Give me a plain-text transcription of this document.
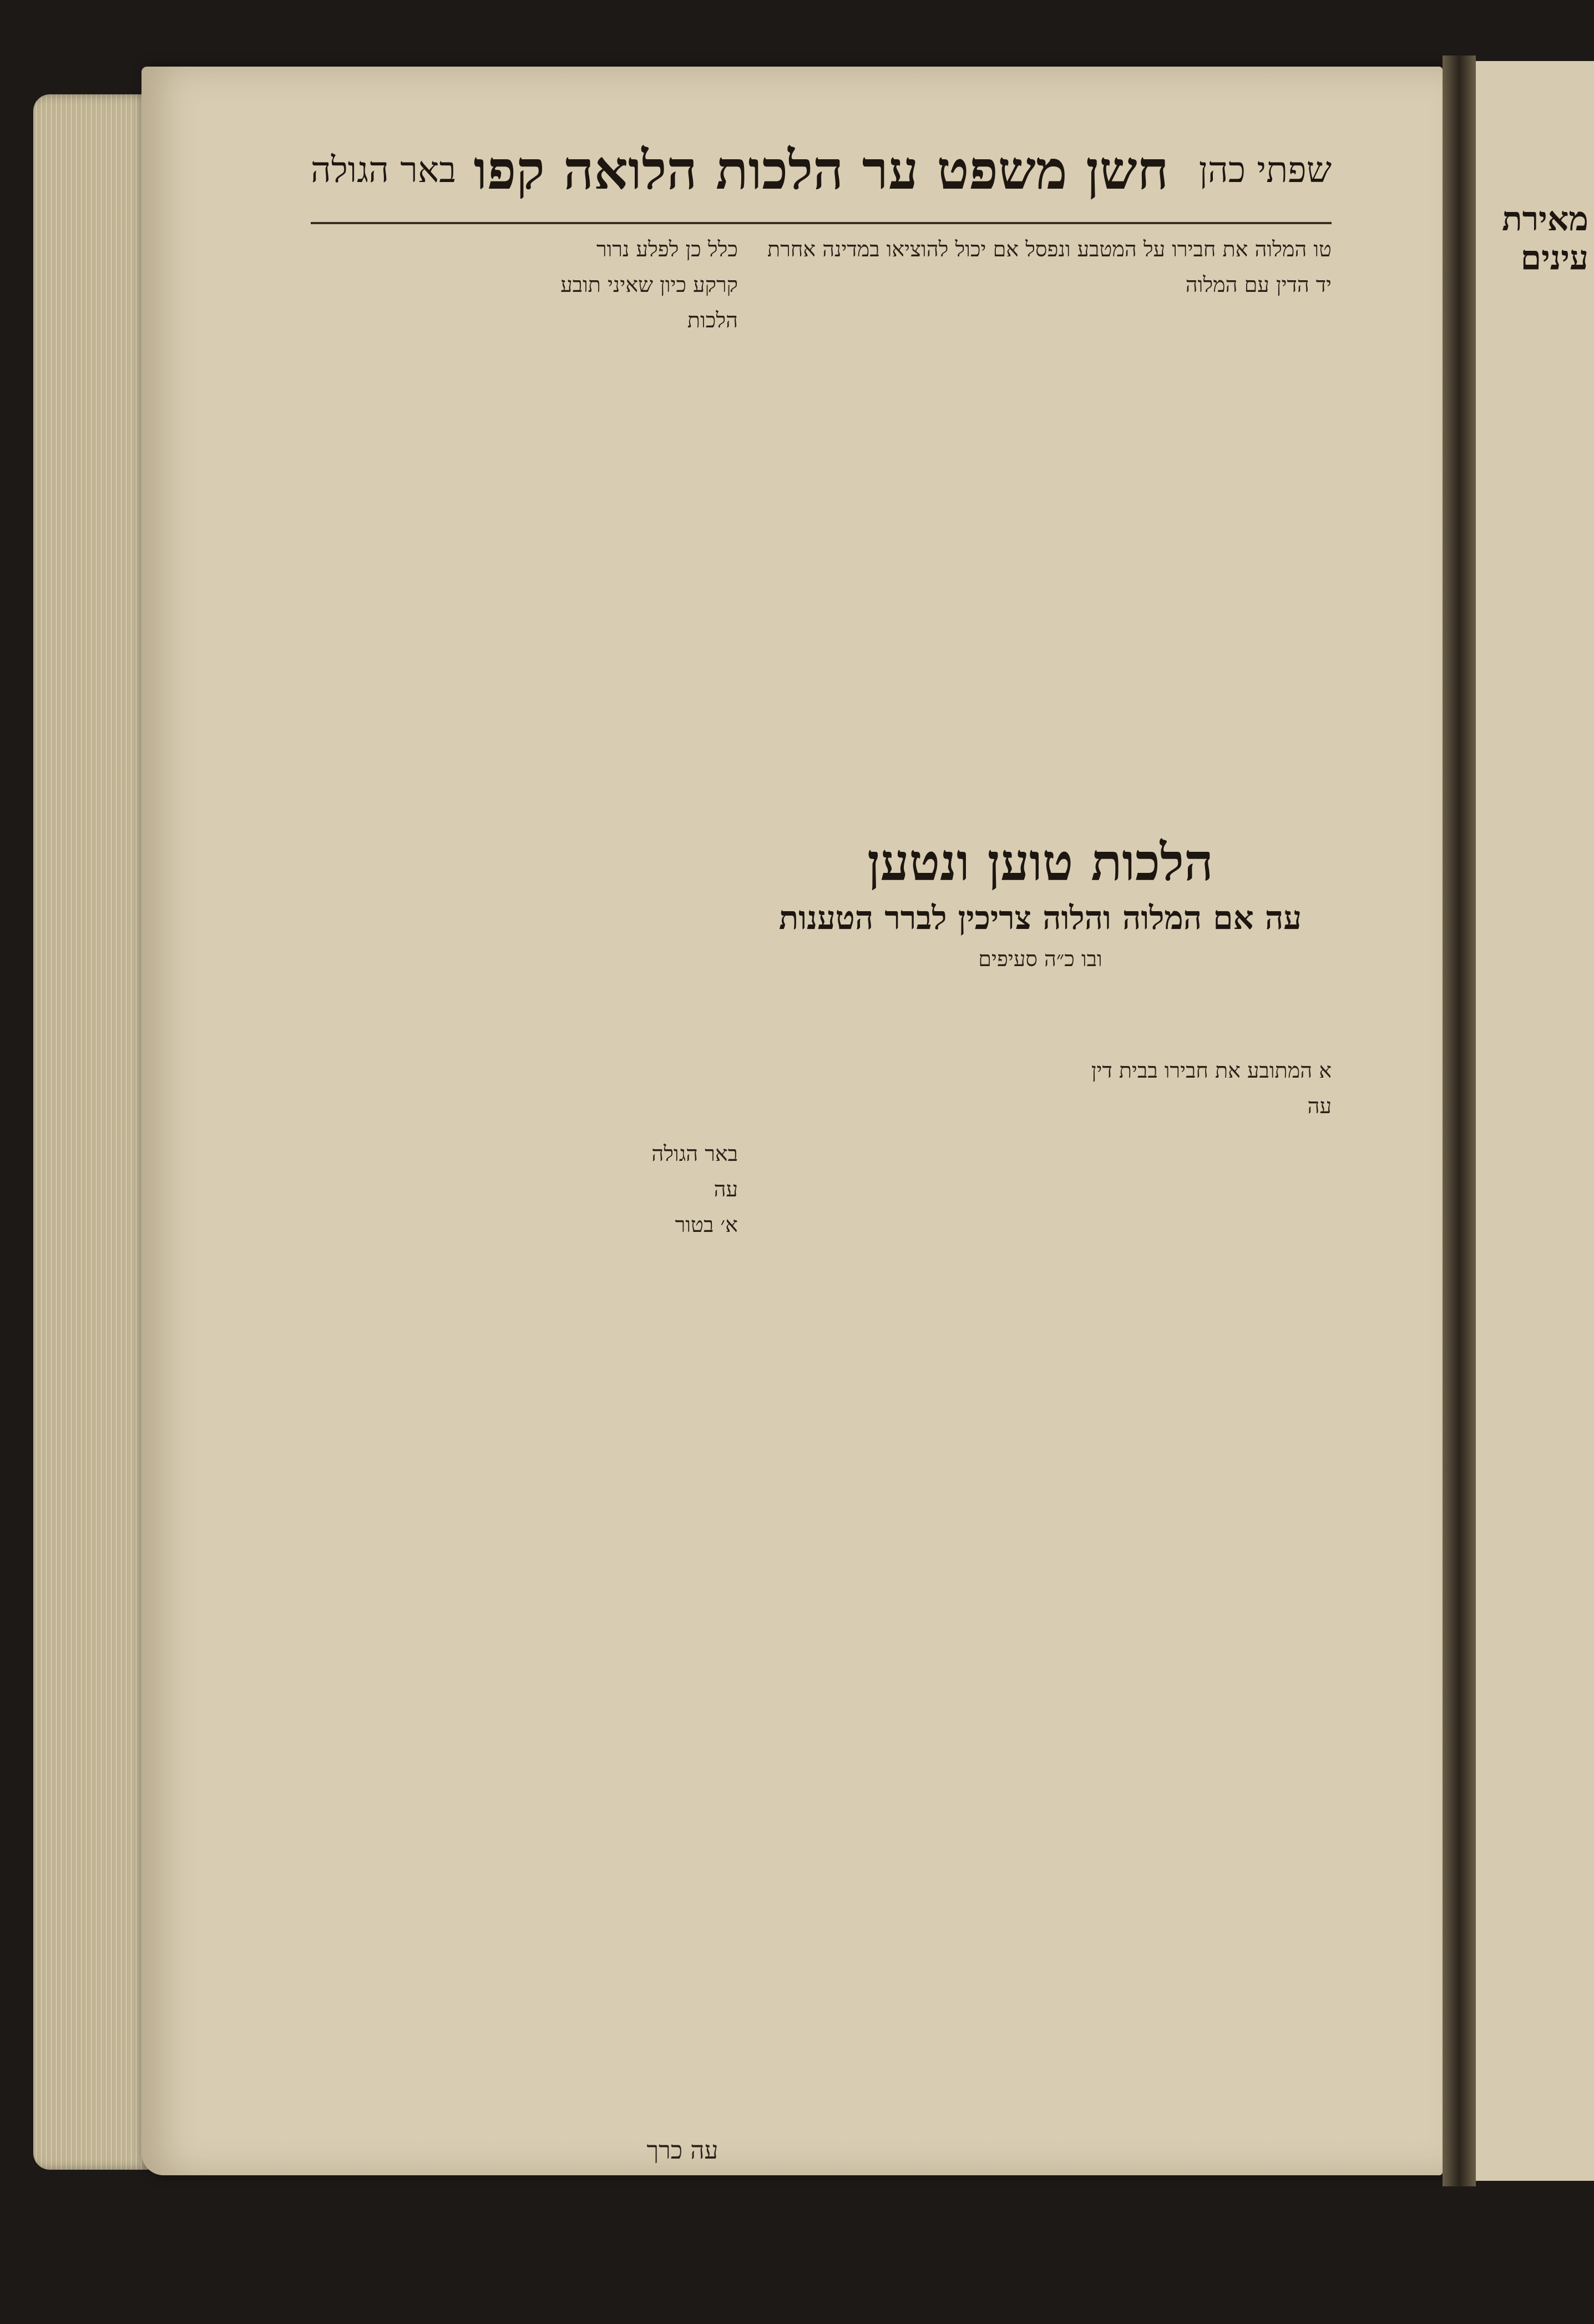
מאירת עינים
שפתי כהן
חשן משפט ער הלכות הלואה קפו
באר הגולה

טו המלוה את חבירו על המטבע ונפסל אם יכול להוציאו במדינה אחרת

יד הדין עם המלוה

הלכות טוען ונטען
עה אם המלוה והלוה צריכין לברר הטענות
ובו כ״ה סעיפים

א המתובע את חבירו בבית דין

עה

כלל כן לפלע נרור

קרקע כיון שאיני תובע

הלכות

באר הגולה

עה

א׳ בטור

עה כרך
